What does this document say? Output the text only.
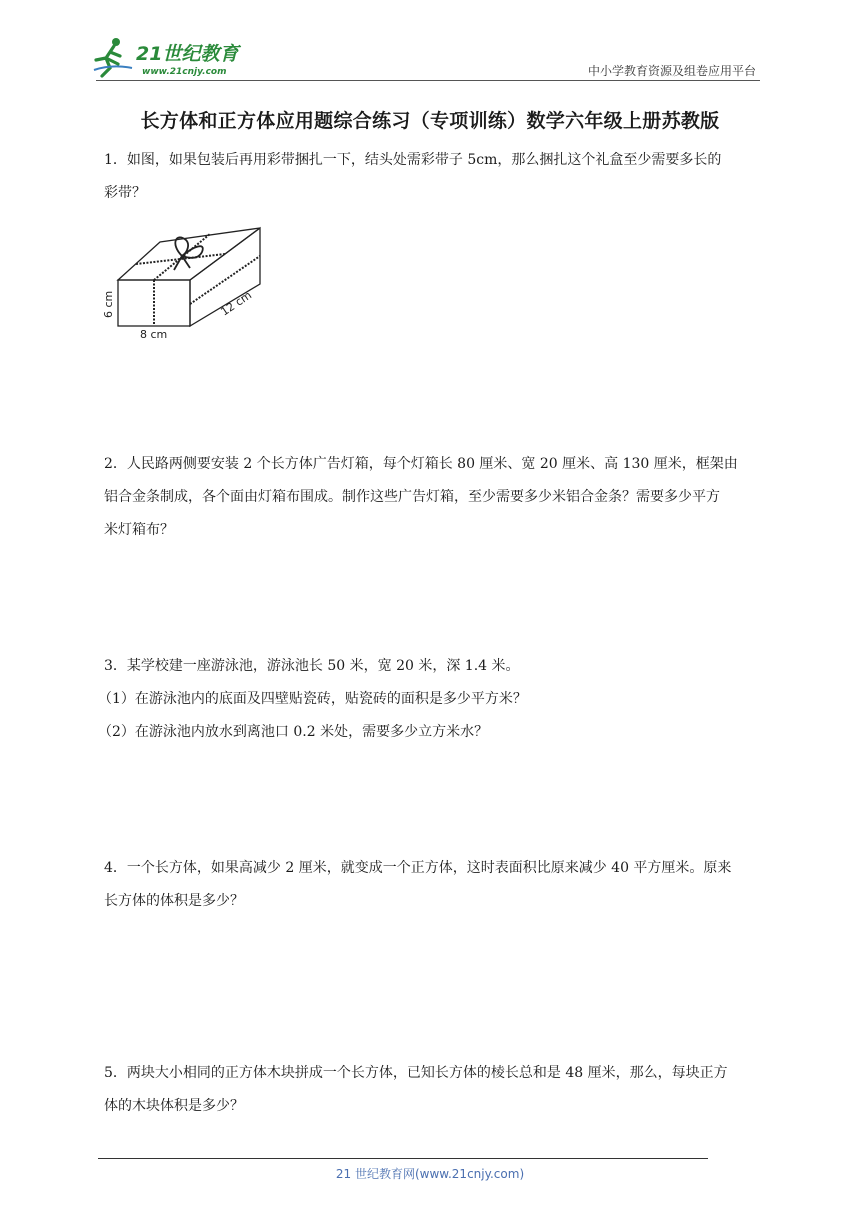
21世纪教育
www.21cnjy.com	中小学教育资源及组卷应用平台
长方体和正方体应用题综合练习（专项训练）数学六年级上册苏教版

1．如图，如果包装后再用彩带捆扎一下，结头处需彩带子 5cm，那么捆扎这个礼盒至少需要多长的

彩带？

6 cm
8 cm
12 cm

2．人民路两侧要安装 2 个长方体广告灯箱，每个灯箱长 80 厘米、宽 20 厘米、高 130 厘米，框架由

铝合金条制成，各个面由灯箱布围成。制作这些广告灯箱，至少需要多少米铝合金条？需要多少平方

米灯箱布？

3．某学校建一座游泳池，游泳池长 50 米，宽 20 米，深 1.4 米。

（1）在游泳池内的底面及四壁贴瓷砖，贴瓷砖的面积是多少平方米？

（2）在游泳池内放水到离池口 0.2 米处，需要多少立方米水？

4．一个长方体，如果高减少 2 厘米，就变成一个正方体，这时表面积比原来减少 40 平方厘米。原来

长方体的体积是多少？

5．两块大小相同的正方体木块拼成一个长方体，已知长方体的棱长总和是 48 厘米，那么，每块正方

体的木块体积是多少？

21 世纪教育网(www.21cnjy.com)
